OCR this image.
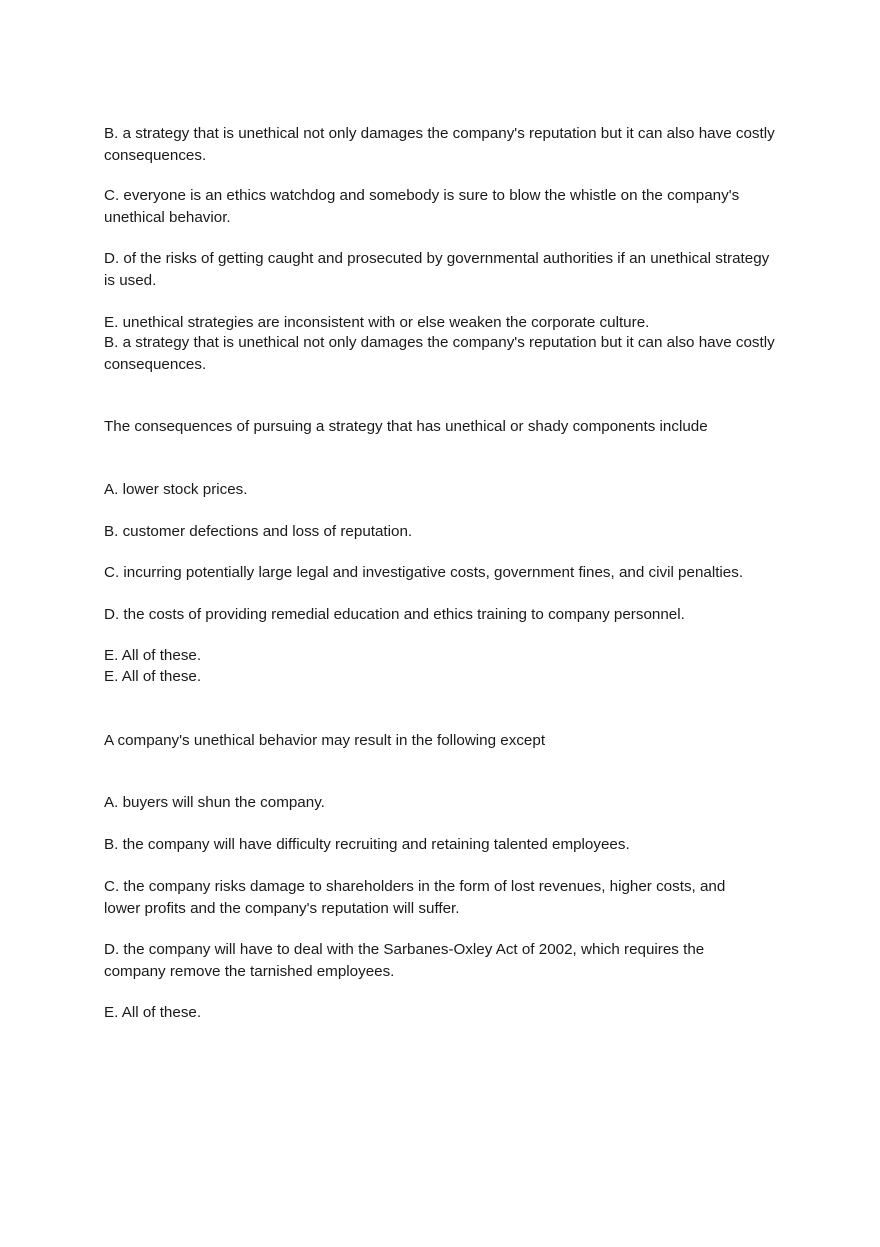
B. a strategy that is unethical not only damages the company's reputation but it can also have costly consequences.
C. everyone is an ethics watchdog and somebody is sure to blow the whistle on the company's unethical behavior.
D. of the risks of getting caught and prosecuted by governmental authorities if an unethical strategy is used.
E. unethical strategies are inconsistent with or else weaken the corporate culture.
B. a strategy that is unethical not only damages the company's reputation but it can also have costly consequences.
The consequences of pursuing a strategy that has unethical or shady components include
A. lower stock prices.
B. customer defections and loss of reputation.
C. incurring potentially large legal and investigative costs, government fines, and civil penalties.
D. the costs of providing remedial education and ethics training to company personnel.
E. All of these.
E. All of these.
A company's unethical behavior may result in the following except
A. buyers will shun the company.
B. the company will have difficulty recruiting and retaining talented employees.
C. the company risks damage to shareholders in the form of lost revenues, higher costs, and lower profits and the company's reputation will suffer.
D. the company will have to deal with the Sarbanes-Oxley Act of 2002, which requires the company remove the tarnished employees.
E. All of these.
